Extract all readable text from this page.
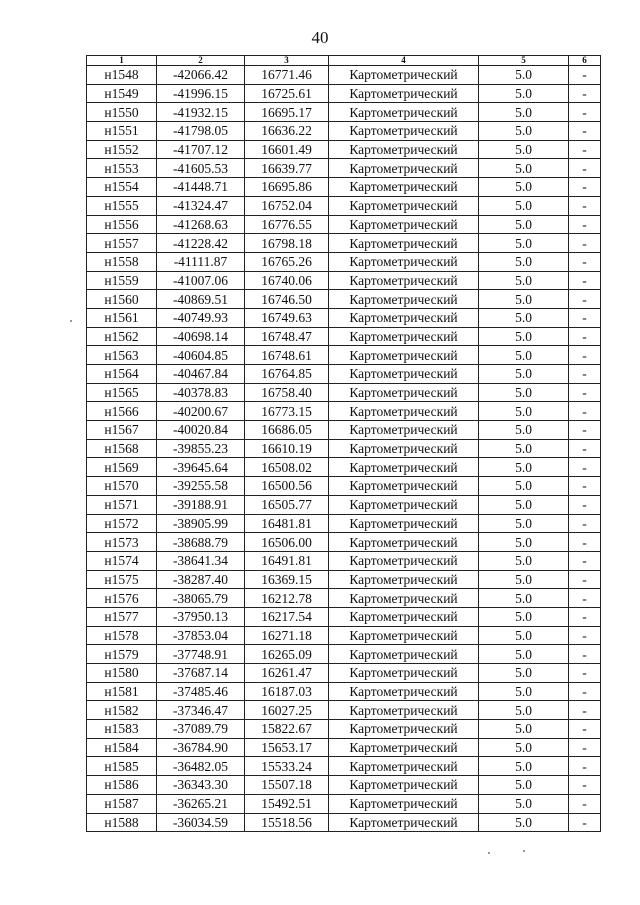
40
1	2	3	4	5	6
н1548	-42066.42	16771.46	Картометрический	5.0	-
н1549	-41996.15	16725.61	Картометрический	5.0	-
н1550	-41932.15	16695.17	Картометрический	5.0	-
н1551	-41798.05	16636.22	Картометрический	5.0	-
н1552	-41707.12	16601.49	Картометрический	5.0	-
н1553	-41605.53	16639.77	Картометрический	5.0	-
н1554	-41448.71	16695.86	Картометрический	5.0	-
н1555	-41324.47	16752.04	Картометрический	5.0	-
н1556	-41268.63	16776.55	Картометрический	5.0	-
н1557	-41228.42	16798.18	Картометрический	5.0	-
н1558	-41111.87	16765.26	Картометрический	5.0	-
н1559	-41007.06	16740.06	Картометрический	5.0	-
н1560	-40869.51	16746.50	Картометрический	5.0	-
н1561	-40749.93	16749.63	Картометрический	5.0	-
н1562	-40698.14	16748.47	Картометрический	5.0	-
н1563	-40604.85	16748.61	Картометрический	5.0	-
н1564	-40467.84	16764.85	Картометрический	5.0	-
н1565	-40378.83	16758.40	Картометрический	5.0	-
н1566	-40200.67	16773.15	Картометрический	5.0	-
н1567	-40020.84	16686.05	Картометрический	5.0	-
н1568	-39855.23	16610.19	Картометрический	5.0	-
н1569	-39645.64	16508.02	Картометрический	5.0	-
н1570	-39255.58	16500.56	Картометрический	5.0	-
н1571	-39188.91	16505.77	Картометрический	5.0	-
н1572	-38905.99	16481.81	Картометрический	5.0	-
н1573	-38688.79	16506.00	Картометрический	5.0	-
н1574	-38641.34	16491.81	Картометрический	5.0	-
н1575	-38287.40	16369.15	Картометрический	5.0	-
н1576	-38065.79	16212.78	Картометрический	5.0	-
н1577	-37950.13	16217.54	Картометрический	5.0	-
н1578	-37853.04	16271.18	Картометрический	5.0	-
н1579	-37748.91	16265.09	Картометрический	5.0	-
н1580	-37687.14	16261.47	Картометрический	5.0	-
н1581	-37485.46	16187.03	Картометрический	5.0	-
н1582	-37346.47	16027.25	Картометрический	5.0	-
н1583	-37089.79	15822.67	Картометрический	5.0	-
н1584	-36784.90	15653.17	Картометрический	5.0	-
н1585	-36482.05	15533.24	Картометрический	5.0	-
н1586	-36343.30	15507.18	Картометрический	5.0	-
н1587	-36265.21	15492.51	Картометрический	5.0	-
н1588	-36034.59	15518.56	Картометрический	5.0	-
